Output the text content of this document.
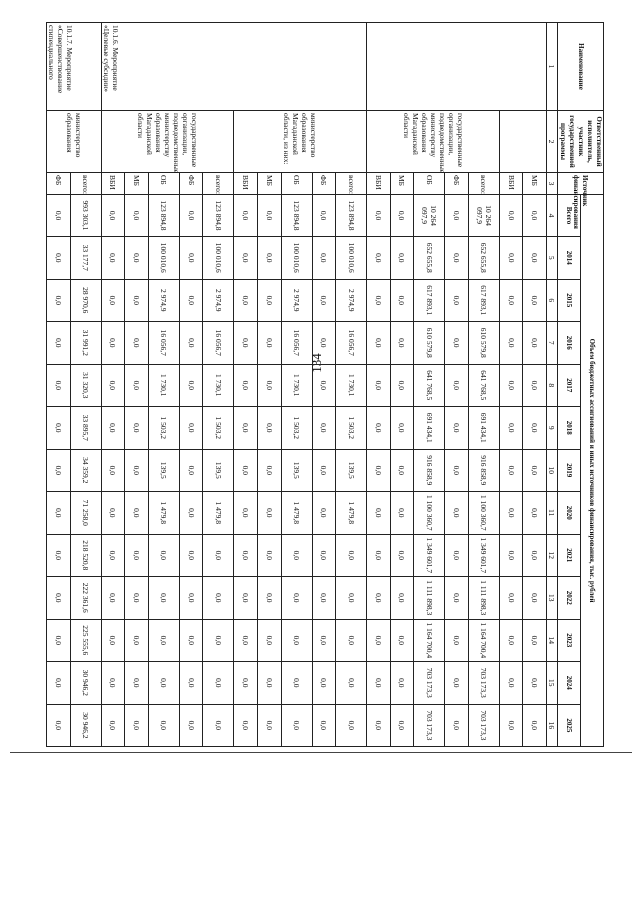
134
Наименование	Ответственный исполнитель, участник государственной программы	Источник финансирования	Объем бюджетных ассигнований и иных источников финансирования, тыс. рублей												
			Всего	2014	2015	2016	2017	2018	2019	2020	2021	2022	2023	2024	2025
1	2	3	4	5	6	7	8	9	10	11	12	13	14	15	16
		МБ	0,0	0,0	0,0	0,0	0,0	0,0	0,0	0,0	0,0	0,0	0,0	0,0	0,0
		ВБИ	0,0	0,0	0,0	0,0	0,0	0,0	0,0	0,0	0,0	0,0	0,0	0,0	0,0
	государственные организации, подведомственные министерству образования Магаданской области	всего:	10 264 097,9	652 655,8	617 893,1	610 579,8	641 768,5	691 434,1	916 858,9	1 100 360,7	1 349 601,7	1 111 898,3	1 164 700,4	703 173,3	703 173,3
		ФБ	0,0	0,0	0,0	0,0	0,0	0,0	0,0	0,0	0,0	0,0	0,0	0,0	0,0
		ОБ	10 264 097,9	652 655,8	617 893,1	610 579,8	641 768,5	691 434,1	916 858,9	1 100 360,7	1 349 601,7	1 111 898,3	1 164 700,4	703 173,3	703 173,3
		МБ	0,0	0,0	0,0	0,0	0,0	0,0	0,0	0,0	0,0	0,0	0,0	0,0	0,0
		ВБИ	0,0	0,0	0,0	0,0	0,0	0,0	0,0	0,0	0,0	0,0	0,0	0,0	0,0
10.1.6. Мероприятие «Целевые субсидии»	министерство образования Магаданской области, из них:	всего:	123 894,8	100 010,6	2 974,9	16 056,7	1 730,1	1 503,2	139,5	1 479,8	0,0	0,0	0,0	0,0	0,0
		ФБ	0,0	0,0	0,0	0,0	0,0	0,0	0,0	0,0	0,0	0,0	0,0	0,0	0,0
		ОБ	123 894,8	100 010,6	2 974,9	16 056,7	1 730,1	1 503,2	139,5	1 479,8	0,0	0,0	0,0	0,0	0,0
		МБ	0,0	0,0	0,0	0,0	0,0	0,0	0,0	0,0	0,0	0,0	0,0	0,0	0,0
		ВБИ	0,0	0,0	0,0	0,0	0,0	0,0	0,0	0,0	0,0	0,0	0,0	0,0	0,0
	государственные организации, подведомственные министерству образования Магаданской области	всего:	123 894,8	100 010,6	2 974,9	16 056,7	1 730,1	1 503,2	139,5	1 479,8	0,0	0,0	0,0	0,0	0,0
		ФБ	0,0	0,0	0,0	0,0	0,0	0,0	0,0	0,0	0,0	0,0	0,0	0,0	0,0
		ОБ	123 894,8	100 010,6	2 974,9	16 056,7	1 730,1	1 503,2	139,5	1 479,8	0,0	0,0	0,0	0,0	0,0
		МБ	0,0	0,0	0,0	0,0	0,0	0,0	0,0	0,0	0,0	0,0	0,0	0,0	0,0
		ВБИ	0,0	0,0	0,0	0,0	0,0	0,0	0,0	0,0	0,0	0,0	0,0	0,0	0,0
10.1.7. Мероприятие «Совершенствование стипендиального	министерство образования	всего:	993 303,1	33 177,7	28 970,6	31 991,2	31 320,3	33 895,7	34 359,2	71 258,0	218 520,8	222 361,6	225 555,6	30 946,2	30 946,2
		ФБ	0,0	0,0	0,0	0,0	0,0	0,0	0,0	0,0	0,0	0,0	0,0	0,0	0,0
